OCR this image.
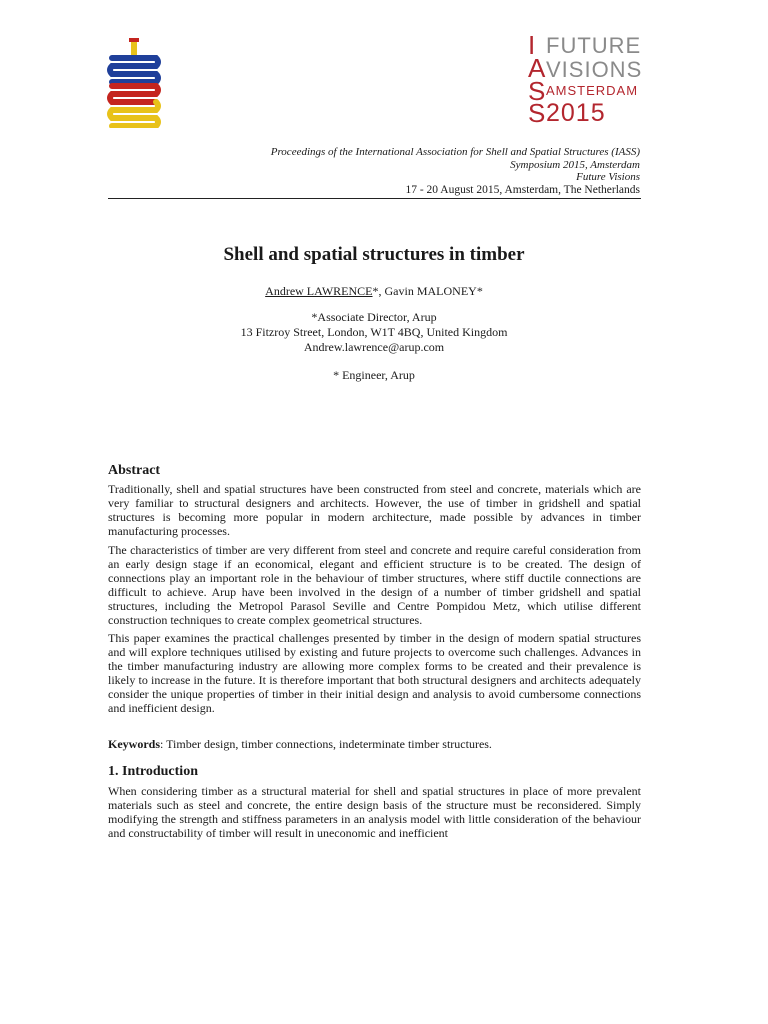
I FUTURE
A VISIONS
S AMSTERDAM
S 2015
Proceedings of the International Association for Shell and Spatial Structures (IASS)
Symposium 2015, Amsterdam
Future Visions
17 - 20 August 2015, Amsterdam, The Netherlands
Shell and spatial structures in timber
Andrew LAWRENCE*, Gavin MALONEY*
*Associate Director, Arup
13 Fitzroy Street, London, W1T 4BQ, United Kingdom
Andrew.lawrence@arup.com
* Engineer, Arup
Abstract

Traditionally, shell and spatial structures have been constructed from steel and concrete, materials which are very familiar to structural designers and architects. However, the use of timber in gridshell and spatial structures is becoming more popular in modern architecture, made possible by advances in timber manufacturing processes.

The characteristics of timber are very different from steel and concrete and require careful consideration from an early design stage if an economical, elegant and efficient structure is to be created. The design of connections play an important role in the behaviour of timber structures, where stiff ductile connections are difficult to achieve. Arup have been involved in the design of a number of timber gridshell and spatial structures, including the Metropol Parasol Seville and Centre Pompidou Metz, which utilise different construction techniques to create complex geometrical structures.

This paper examines the practical challenges presented by timber in the design of modern spatial structures and will explore techniques utilised by existing and future projects to overcome such challenges. Advances in the timber manufacturing industry are allowing more complex forms to be created and their prevalence is likely to increase in the future. It is therefore important that both structural designers and architects adequately consider the unique properties of timber in their initial design and analysis to avoid cumbersome connections and inefficient design.

Keywords: Timber design, timber connections, indeterminate timber structures.
1. Introduction

When considering timber as a structural material for shell and spatial structures in place of more prevalent materials such as steel and concrete, the entire design basis of the structure must be reconsidered. Simply modifying the strength and stiffness parameters in an analysis model with little consideration of the behaviour and constructability of timber will result in uneconomic and inefficient
